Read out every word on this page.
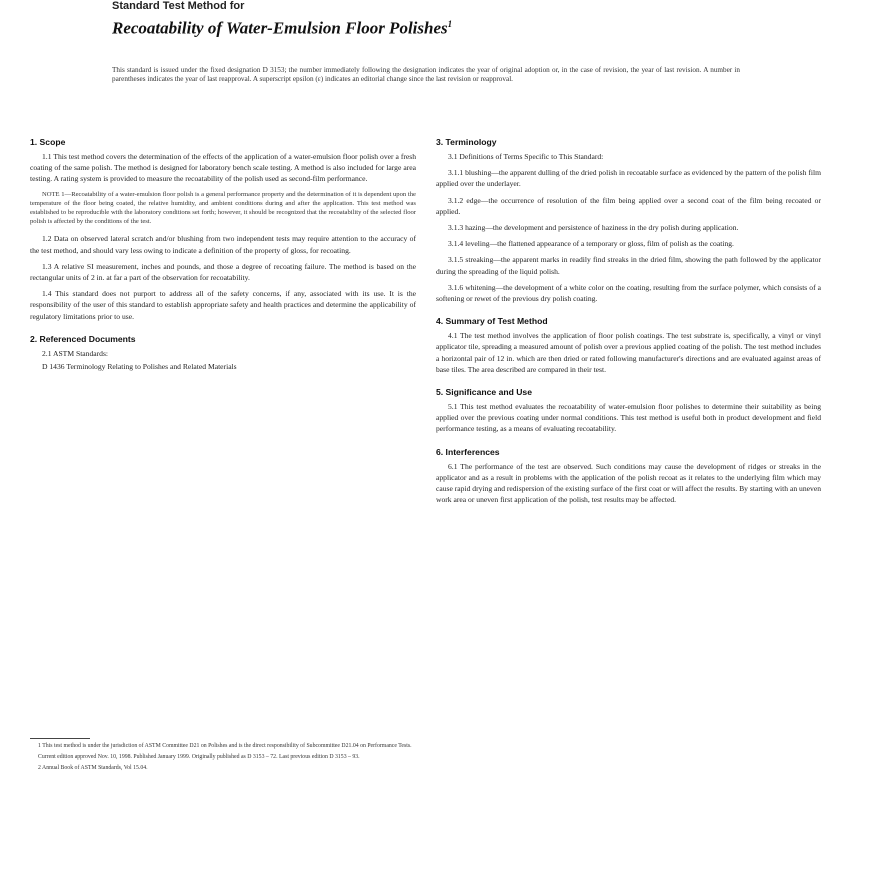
Standard Test Method for
Recoatability of Water-Emulsion Floor Polishes$^1$
This standard is issued under the fixed designation D 3153; the number immediately following the designation indicates the year of original adoption or, in the case of revision, the year of last revision. A number in parentheses indicates the year of last reapproval. A superscript epsilon (ε) indicates an editorial change since the last revision or reapproval.
1. Scope

1.1 This test method covers the determination of the effects of the application of a water-emulsion floor polish over a fresh coating of the same polish. The method is designed for laboratory bench scale testing. A method is also included for large area testing. A rating system is provided to measure the recoatability of the polish used as second-film performance.

NOTE 1—Recoatability of a water-emulsion floor polish is a general performance property and the determination of it is dependent upon the temperature of the floor being coated, the relative humidity, and ambient conditions during and after the application. This test method was established to be reproducible with the laboratory conditions set forth; however, it should be recognized that the recoatability of the selected floor polish is affected by the conditions of the test.

1.2 Data on observed lateral scratch and/or blushing from two independent tests may require attention to the accuracy of the test method, and should vary less owing to indicate a definition of the property of gloss, for recoating.

1.3 A relative SI measurement, inches and pounds, and those a degree of recoating failure. The method is based on the rectangular units of 2 in. at far a part of the observation for recoatability.

1.4 This standard does not purport to address all of the safety concerns, if any, associated with its use. It is the responsibility of the user of this standard to establish appropriate safety and health practices and determine the applicability of regulatory limitations prior to use.

2. Referenced Documents

2.1 ASTM Standards:

D 1436 Terminology Relating to Polishes and Related Materials

3. Terminology

3.1 Definitions of Terms Specific to This Standard:

3.1.1 blushing—the apparent dulling of the dried polish in recoatable surface as evidenced by the pattern of the polish film applied over the underlayer.

3.1.2 edge—the occurrence of resolution of the film being applied over a second coat of the film being recoated or applied.

3.1.3 hazing—the development and persistence of haziness in the dry polish during application.

3.1.4 leveling—the flattened appearance of a temporary or gloss, film of polish as the coating.

3.1.5 streaking—the apparent marks in readily find streaks in the dried film, showing the path followed by the applicator during the spreading of the liquid polish.

3.1.6 whitening—the development of a white color on the coating, resulting from the surface polymer, which consists of a softening or rewet of the previous dry polish coating.

4. Summary of Test Method

4.1 The test method involves the application of floor polish coatings. The test substrate is, specifically, a vinyl or vinyl applicator tile, spreading a measured amount of polish over a previous applied coating of the polish. The test method includes a horizontal pair of 12 in. which are then dried or rated following manufacturer's directions and are evaluated against areas of base tiles. The area described are compared in their test.

5. Significance and Use

5.1 This test method evaluates the recoatability of water-emulsion floor polishes to determine their suitability as being applied over the previous coating under normal conditions. This test method is useful both in product development and field performance testing, as a means of evaluating recoatability.

6. Interferences

6.1 The performance of the test are observed. Such conditions may cause the development of ridges or streaks in the applicator and as a result in problems with the application of the polish recoat as it relates to the underlying film which may cause rapid drying and redispersion of the existing surface of the first coat or will affect the results. By starting with an uneven work area or uneven first application of the polish, test results may be affected.

1 This test method is under the jurisdiction of ASTM Committee D21 on Polishes and is the direct responsibility of Subcommittee D21.04 on Performance Tests.

Current edition approved Nov. 10, 1998. Published January 1999. Originally published as D 3153 – 72. Last previous edition D 3153 – 93.

2 Annual Book of ASTM Standards, Vol 15.04.
